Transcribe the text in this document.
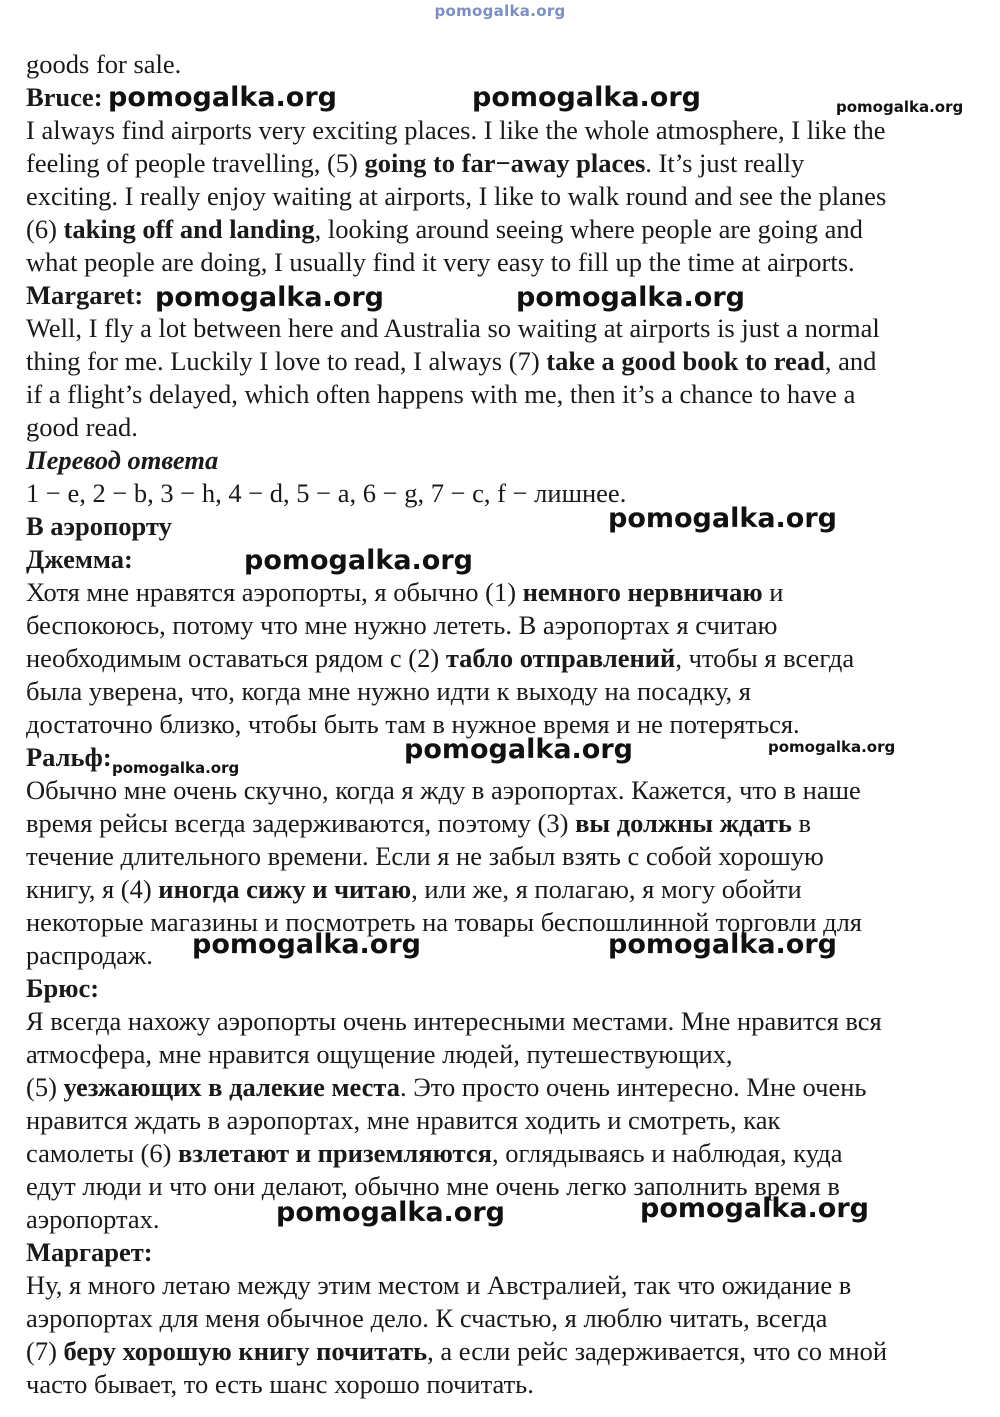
pomogalka.org
goods for sale.
Bruce:
I always find airports very exciting places. I like the whole atmosphere, I like the
feeling of people travelling, (5) going to far−away places. It’s just really
exciting. I really enjoy waiting at airports, I like to walk round and see the planes
(6) taking off and landing, looking around seeing where people are going and
what people are doing, I usually find it very easy to fill up the time at airports.
Margaret:
Well, I fly a lot between here and Australia so waiting at airports is just a normal
thing for me. Luckily I love to read, I always (7) take a good book to read, and
if a flight’s delayed, which often happens with me, then it’s a chance to have a
good read.
Перевод ответа
1 − e, 2 − b, 3 − h, 4 − d, 5 − a, 6 − g, 7 − c, f − лишнее.
В аэропорту
Джемма:
Хотя мне нравятся аэропорты, я обычно (1) немного нервничаю и
беспокоюсь, потому что мне нужно лететь. В аэропортах я считаю
необходимым оставаться рядом с (2) табло отправлений, чтобы я всегда
была уверена, что, когда мне нужно идти к выходу на посадку, я
достаточно близко, чтобы быть там в нужное время и не потеряться.
Ральф:
Обычно мне очень скучно, когда я жду в аэропортах. Кажется, что в наше
время рейсы всегда задерживаются, поэтому (3) вы должны ждать в
течение длительного времени. Если я не забыл взять с собой хорошую
книгу, я (4) иногда сижу и читаю, или же, я полагаю, я могу обойти
некоторые магазины и посмотреть на товары беспошлинной торговли для
распродаж.
Брюс:
Я всегда нахожу аэропорты очень интересными местами. Мне нравится вся
атмосфера, мне нравится ощущение людей, путешествующих,
(5) уезжающих в далекие места. Это просто очень интересно. Мне очень
нравится ждать в аэропортах, мне нравится ходить и смотреть, как
самолеты (6) взлетают и приземляются, оглядываясь и наблюдая, куда
едут люди и что они делают, обычно мне очень легко заполнить время в
аэропортах.
Маргарет:
Ну, я много летаю между этим местом и Австралией, так что ожидание в
аэропортах для меня обычное дело. К счастью, я люблю читать, всегда
(7) беру хорошую книгу почитать, а если рейс задерживается, что со мной
часто бывает, то есть шанс хорошо почитать.
pomogalka.org	pomogalka.org	pomogalka.org
pomogalka.org	pomogalka.org
pomogalka.org
pomogalka.org
pomogalka.org	pomogalka.org
pomogalka.org
pomogalka.org	pomogalka.org
pomogalka.org	pomogalka.org
